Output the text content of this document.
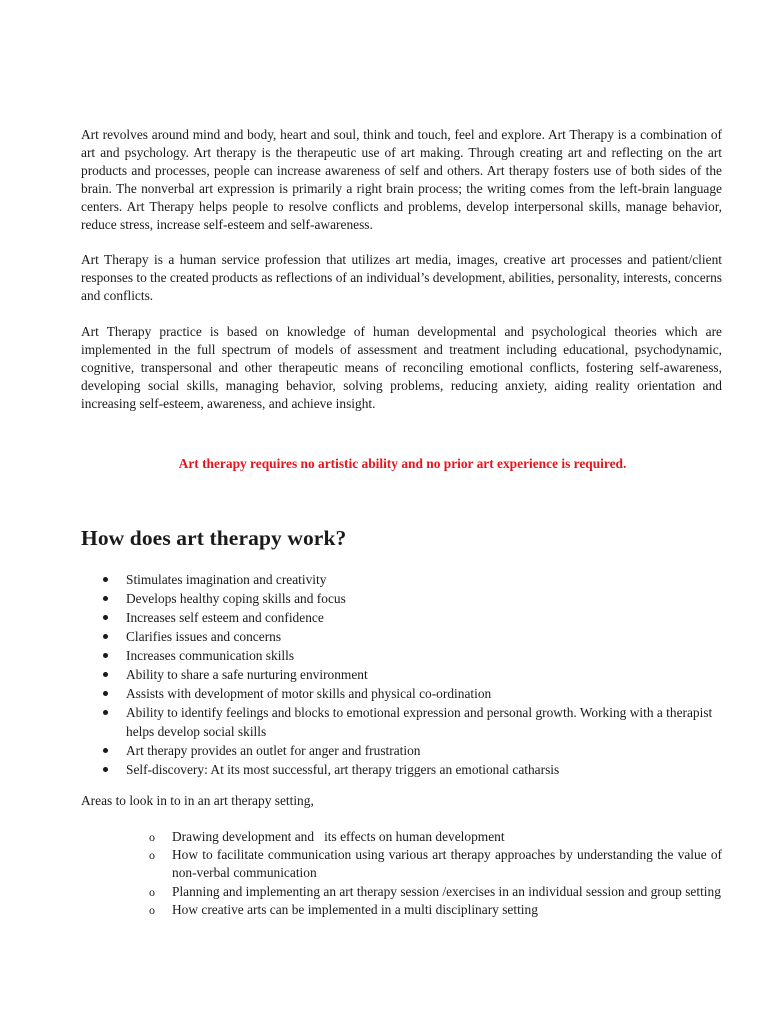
Art revolves around mind and body, heart and soul, think and touch, feel and explore. Art Therapy is a combination of art and psychology. Art therapy is the therapeutic use of art making. Through creating art and reflecting on the art products and processes, people can increase awareness of self and others. Art therapy fosters use of both sides of the brain. The nonverbal art expression is primarily a right brain process; the writing comes from the left-brain language centers. Art Therapy helps people to resolve conflicts and problems, develop interpersonal skills, manage behavior, reduce stress, increase self-esteem and self-awareness.

Art Therapy is a human service profession that utilizes art media, images, creative art processes and patient/client responses to the created products as reflections of an individual’s development, abilities, personality, interests, concerns and conflicts.

Art Therapy practice is based on knowledge of human developmental and psychological theories which are implemented in the full spectrum of models of assessment and treatment including educational, psychodynamic, cognitive, transpersonal and other therapeutic means of reconciling emotional conflicts, fostering self-awareness, developing social skills, managing behavior, solving problems, reducing anxiety, aiding reality orientation and increasing self-esteem, awareness, and achieve insight.

Art therapy requires no artistic ability and no prior art experience is required.

How does art therapy work?
Stimulates imagination and creativity
Develops healthy coping skills and focus
Increases self esteem and confidence
Clarifies issues and concerns
Increases communication skills
Ability to share a safe nurturing environment
Assists with development of motor skills and physical co-ordination
Ability to identify feelings and blocks to emotional expression and personal growth. Working with a therapist helps develop social skills
Art therapy provides an outlet for anger and frustration
Self-discovery: At its most successful, art therapy triggers an emotional catharsis

Areas to look in to in an art therapy setting,

o Drawing development and   its effects on human development
o How to facilitate communication using various art therapy approaches by understanding the value of non-verbal communication
o Planning and implementing an art therapy session /exercises in an individual session and group setting
o How creative arts can be implemented in a multi disciplinary setting
